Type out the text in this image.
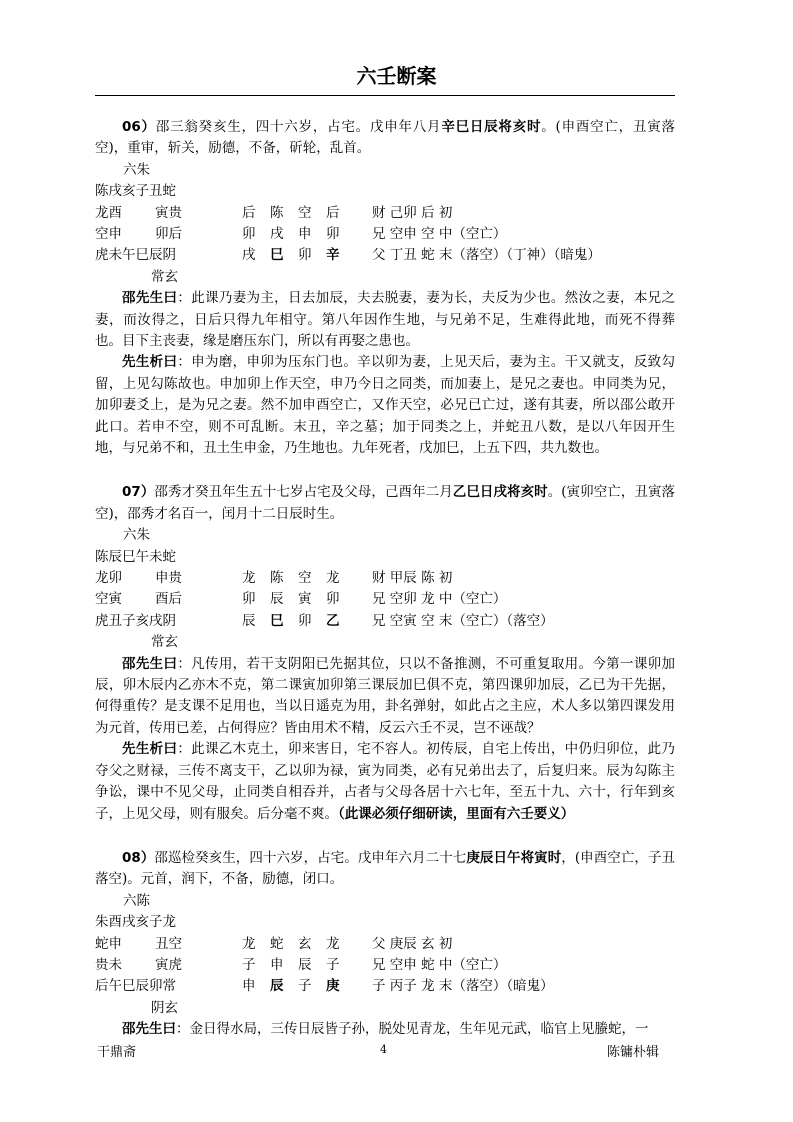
六壬断案

06）邵三翁癸亥生，四十六岁，占宅。戊申年八月辛巳日辰将亥时。(申酉空亡，丑寅落空)，重审，斩关，励德，不备，斫轮，乱首。

六朱
陈戌亥子丑蛇
龙酉	寅贵	后	陈	空	后	财 己卯 后 初
空申	卯后	卯	戌	申	卯	兄 空申 空 中（空亡）
虎未午巳辰阴	戌	巳	卯	辛	父 丁丑 蛇 末（落空）（丁神）（暗鬼）
常玄

邵先生曰：此课乃妻为主，日去加辰，夫去脱妻，妻为长，夫反为少也。然汝之妻，本兄之妻，而汝得之，日后只得九年相守。第八年因作生地，与兄弟不足，生难得此地，而死不得葬也。目下主丧妻，缘是磨压东门，所以有再娶之患也。

先生析曰：申为磨，申卯为压东门也。辛以卯为妻，上见天后，妻为主。干又就支，反致勾留，上见勾陈故也。申加卯上作天空，申乃今日之同类，而加妻上，是兄之妻也。申同类为兄，加卯妻爻上，是为兄之妻。然不加申酉空亡，又作天空，必兄已亡过，遂有其妻，所以邵公敢开此口。若申不空，则不可乱断。末丑，辛之墓；加于同类之上，并蛇丑八数，是以八年因开生地，与兄弟不和，丑土生申金，乃生地也。九年死者，戊加巳，上五下四，共九数也。

07）邵秀才癸丑年生五十七岁占宅及父母，己酉年二月乙巳日戌将亥时。(寅卯空亡，丑寅落空)，邵秀才名百一，闰月十二日辰时生。

六朱
陈辰巳午未蛇
龙卯	申贵	龙	陈	空	龙	财 甲辰 陈 初
空寅	酉后	卯	辰	寅	卯	兄 空卯 龙 中（空亡）
虎丑子亥戌阴	辰	巳	卯	乙	兄 空寅 空 末（空亡）（落空）
常玄

邵先生曰：凡传用，若干支阴阳已先据其位，只以不备推测，不可重复取用。今第一课卯加辰，卯木辰内乙亦木不克，第二课寅加卯第三课辰加巳俱不克，第四课卯加辰，乙已为干先据，何得重传？是支课不足用也，当以日遥克为用，卦名弹射，如此占之主应，术人多以第四课发用为元首，传用已差，占何得应？皆由用术不精，反云六壬不灵，岂不诬哉？

先生析曰：此课乙木克土，卯来害日，宅不容人。初传辰，自宅上传出，中仍归卯位，此乃夺父之财禄，三传不离支干，乙以卯为禄，寅为同类，必有兄弟出去了，后复归来。辰为勾陈主争讼，课中不见父母，止同类自相吞并，占者与父母各居十六七年，至五十九、六十，行年到亥子，上见父母，则有服矣。后分毫不爽。（此课必须仔细研读，里面有六壬要义）

08）邵巡检癸亥生，四十六岁，占宅。戊申年六月二十七庚辰日午将寅时，(申酉空亡，子丑落空)。元首，润下，不备，励德，闭口。

六陈
朱酉戌亥子龙
蛇申	丑空	龙	蛇	玄	龙	父 庚辰 玄 初
贵未	寅虎	子	申	辰	子	兄 空申 蛇 中（空亡）
后午巳辰卯常	申	辰	子	庚	子 丙子 龙 末（落空）（暗鬼）
阴玄

邵先生曰：金日得水局，三传日辰皆子孙，脱处见青龙，生年见元武，临官上见螣蛇，一

干鼎斋	4	陈镛朴辑
